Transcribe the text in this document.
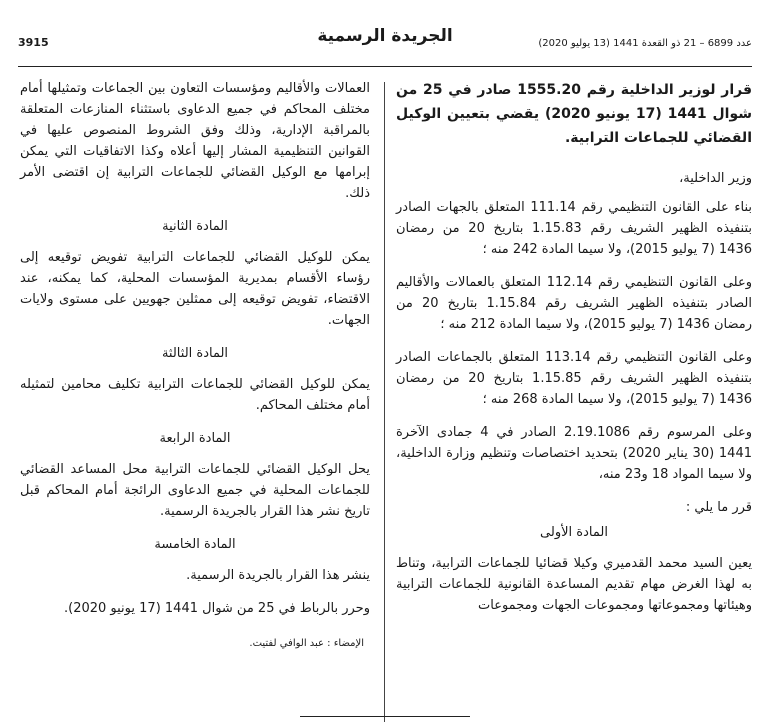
3915	الجريدة الرسمية	عدد 6899 – 21 ذو القعدة 1441 (13 يوليو 2020)

قرار لوزير الداخلية رقم 1555.20 صادر في 25 من شوال 1441 (17 يونيو 2020) يقضي بتعيين الوكيل القضائي للجماعات الترابية.

وزير الداخلية،

بناء على القانون التنظيمي رقم 111.14 المتعلق بالجهات الصادر بتنفيذه الظهير الشريف رقم 1.15.83 بتاريخ 20 من رمضان 1436 (7 يوليو 2015)، ولا سيما المادة 242 منه ؛

وعلى القانون التنظيمي رقم 112.14 المتعلق بالعمالات والأقاليم الصادر بتنفيذه الظهير الشريف رقم 1.15.84 بتاريخ 20 من رمضان 1436 (7 يوليو 2015)، ولا سيما المادة 212 منه ؛

وعلى القانون التنظيمي رقم 113.14 المتعلق بالجماعات الصادر بتنفيذه الظهير الشريف رقم 1.15.85 بتاريخ 20 من رمضان 1436 (7 يوليو 2015)، ولا سيما المادة 268 منه ؛

وعلى المرسوم رقم 2.19.1086 الصادر في 4 جمادى الآخرة 1441 (30 يناير 2020) بتحديد اختصاصات وتنظيم وزارة الداخلية، ولا سيما المواد 18 و23 منه،

قرر ما يلي :

المادة الأولى

يعين السيد محمد القدميري وكيلا قضائيا للجماعات الترابية، وتناط به لهذا الغرض مهام تقديم المساعدة القانونية للجماعات الترابية وهيئاتها ومجموعاتها ومجموعات الجهات ومجموعات

العمالات والأقاليم ومؤسسات التعاون بين الجماعات وتمثيلها أمام مختلف المحاكم في جميع الدعاوى باستثناء المنازعات المتعلقة بالمراقبة الإدارية، وذلك وفق الشروط المنصوص عليها في القوانين التنظيمية المشار إليها أعلاه وكذا الاتفاقيات التي يمكن إبرامها مع الوكيل القضائي للجماعات الترابية إن اقتضى الأمر ذلك.

المادة الثانية

يمكن للوكيل القضائي للجماعات الترابية تفويض توقيعه إلى رؤساء الأقسام بمديرية المؤسسات المحلية، كما يمكنه، عند الاقتضاء، تفويض توقيعه إلى ممثلين جهويين على مستوى ولايات الجهات.

المادة الثالثة

يمكن للوكيل القضائي للجماعات الترابية تكليف محامين لتمثيله أمام مختلف المحاكم.

المادة الرابعة

يحل الوكيل القضائي للجماعات الترابية محل المساعد القضائي للجماعات المحلية في جميع الدعاوى الرائجة أمام المحاكم قبل تاريخ نشر هذا القرار بالجريدة الرسمية.

المادة الخامسة

ينشر هذا القرار بالجريدة الرسمية.

وحرر بالرباط في 25 من شوال 1441 (17 يونيو 2020).

الإمضاء : عبد الوافي لفتيت.
